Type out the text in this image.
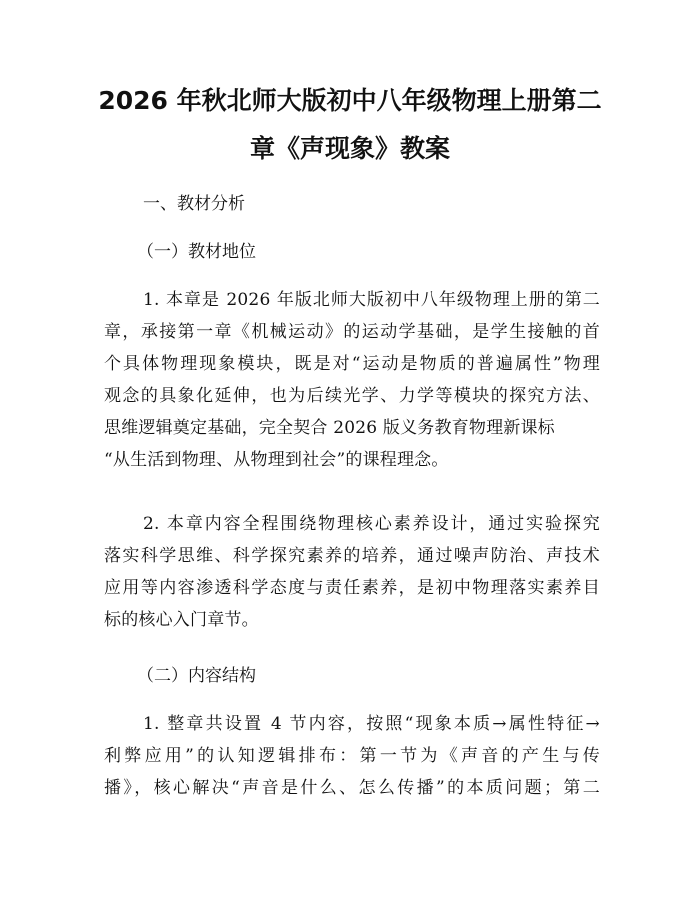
2026 年秋北师大版初中八年级物理上册第二
章《声现象》教案

一、教材分析

（一）教材地位

1. 本章是 2026 年版北师大版初中八年级物理上册的第二

章，承接第一章《机械运动》的运动学基础，是学生接触的首

个具体物理现象模块，既是对“运动是物质的普遍属性”物理

观念的具象化延伸，也为后续光学、力学等模块的探究方法、

思维逻辑奠定基础，完全契合 2026 版义务教育物理新课标

“从生活到物理、从物理到社会”的课程理念。

2. 本章内容全程围绕物理核心素养设计，通过实验探究

落实科学思维、科学探究素养的培养，通过噪声防治、声技术

应用等内容渗透科学态度与责任素养，是初中物理落实素养目

标的核心入门章节。

（二）内容结构

1. 整章共设置 4 节内容，按照“现象本质→属性特征→

利弊应用”的认知逻辑排布：第一节为《声音的产生与传

播》，核心解决“声音是什么、怎么传播”的本质问题；第二
